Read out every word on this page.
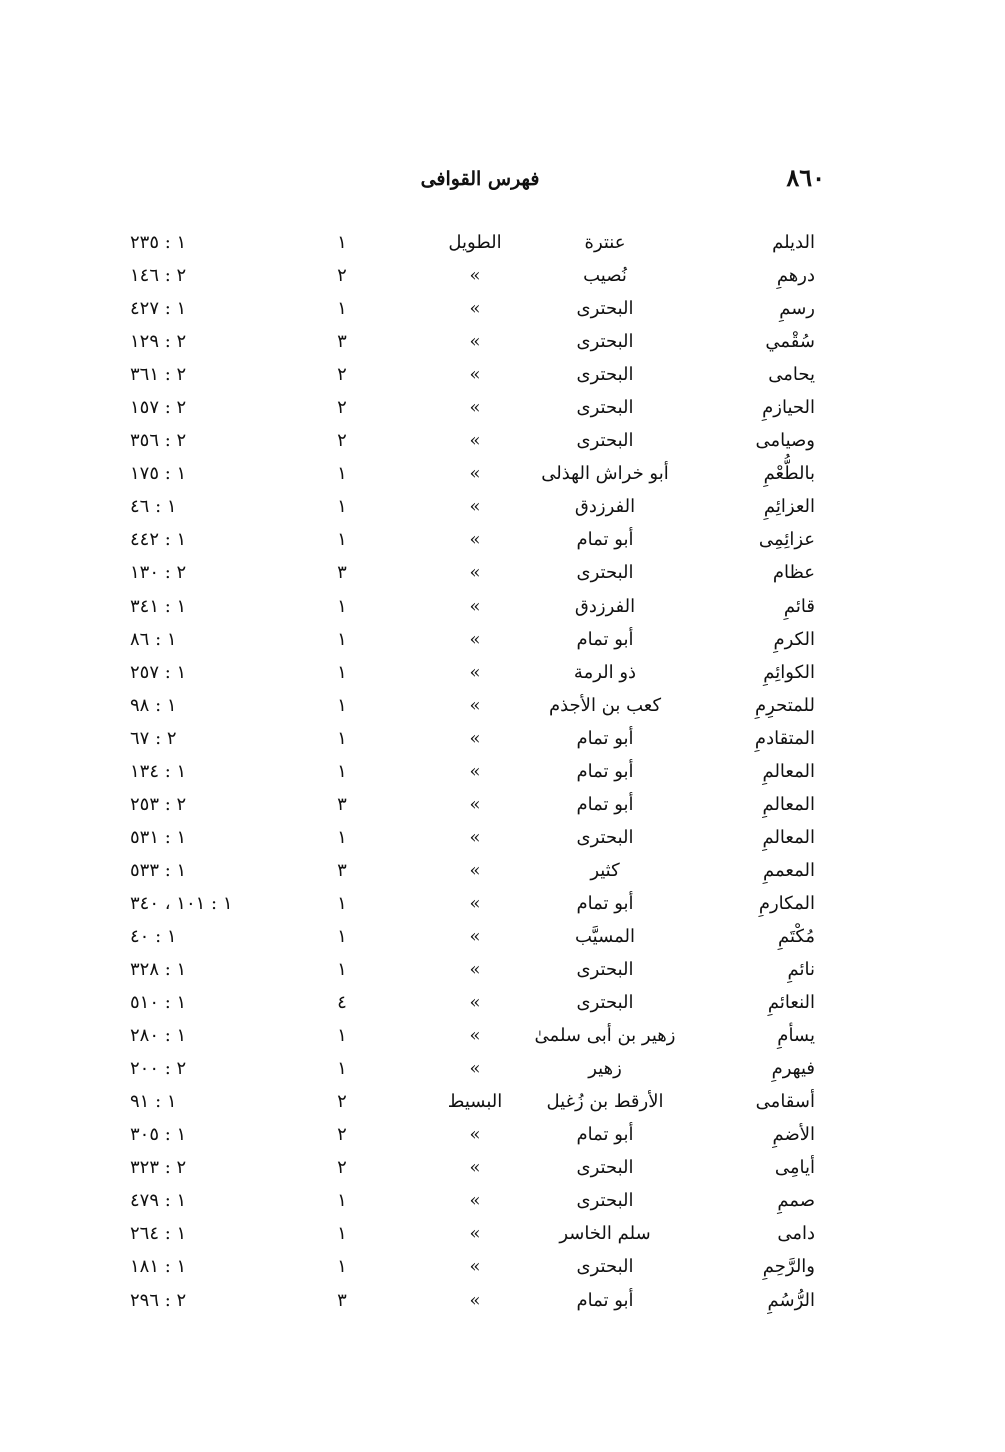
٨٦٠
فهرس القوافى
الديلم
عنترة
الطويل
١
١ : ٢٣٥
درهمِ
نُصيب
»
٢
٢ : ١٤٦
رسمِ
البحترى
»
١
١ : ٤٢٧
سُقْمي
البحترى
»
٣
٢ : ١٢٩
يحامى
البحترى
»
٢
٢ : ٣٦١
الحيازمِ
البحترى
»
٢
٢ : ١٥٧
وصيامى
البحترى
»
٢
٢ : ٣٥٦
بالطُّعْمِ
أبو خراش الهذلى
»
١
١ : ١٧٥
العزائِمِ
الفرزدق
»
١
١ : ٤٦
عزائِمِى
أبو تمام
»
١
١ : ٤٤٢
عظام
البحترى
»
٣
٢ : ١٣٠
قائمِ
الفرزدق
»
١
١ : ٣٤١
الكرمِ
أبو تمام
»
١
١ : ٨٦
الكوائِمِ
ذو الرمة
»
١
١ : ٢٥٧
للمتحرِمِ
كعب بن الأجذم
»
١
١ : ٩٨
المتقادمِ
أبو تمام
»
١
٢ : ٦٧
المعالمِ
أبو تمام
»
١
١ : ١٣٤
المعالمِ
أبو تمام
»
٣
٢ : ٢٥٣
المعالمِ
البحترى
»
١
١ : ٥٣١
المعممِ
كثير
»
٣
١ : ٥٣٣
المكارمِ
أبو تمام
»
١
١ : ١٠١ ، ٣٤٠
مُكْتَمِ
المسيَّب
»
١
١ : ٤٠
نائمِ
البحترى
»
١
١ : ٣٢٨
النعائمِ
البحترى
»
٤
١ : ٥١٠
يسأمِ
زهير بن أبى سلمىٰ
»
١
١ : ٢٨٠
فيهرمِ
زهير
»
١
٢ : ٢٠٠
أسقامى
الأرقط بن زُغيل
البسيط
٢
١ : ٩١
الأضمِ
أبو تمام
»
٢
١ : ٣٠٥
أيامِى
البحترى
»
٢
٢ : ٣٢٣
صممِ
البحترى
»
١
١ : ٤٧٩
دامى
سلم الخاسر
»
١
١ : ٢٦٤
والرَّحِمِ
البحترى
»
١
١ : ١٨١
الرُّسُمِ
أبو تمام
»
٣
٢ : ٢٩٦
